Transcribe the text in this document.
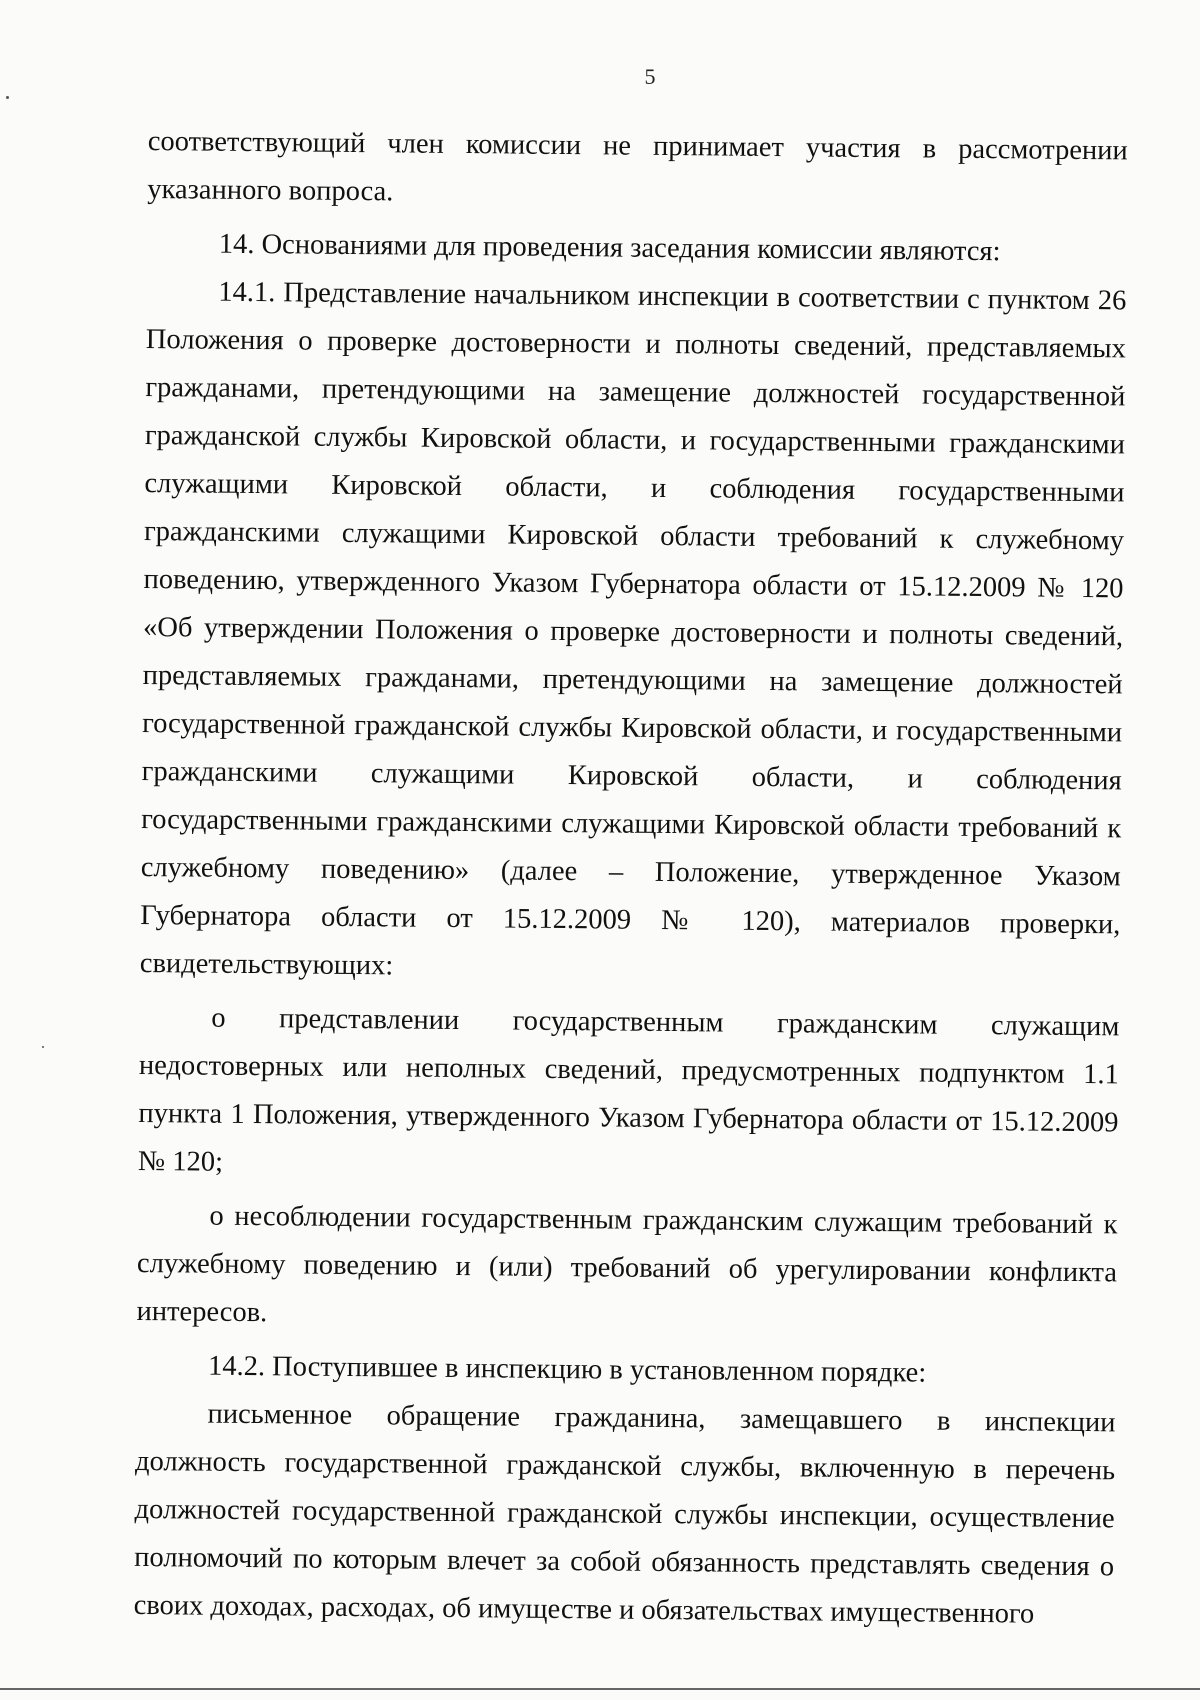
5

соответствующий член комиссии не принимает участия в рассмотрении указанного вопроса.

14. Основаниями для проведения заседания комиссии являются:

14.1. Представление начальником инспекции в соответствии с пунктом 26 Положения о проверке достоверности и полноты сведений, представляемых гражданами, претендующими на замещение должностей государственной гражданской службы Кировской области, и государственными гражданскими служащими Кировской области, и соблюдения государственными гражданскими служащими Кировской области требований к служебному поведению, утвержденного Указом Губернатора области от 15.12.2009 № 120 «Об утверждении Положения о проверке достоверности и полноты сведений, представляемых гражданами, претендующими на замещение должностей государственной гражданской службы Кировской области, и государственными гражданскими служащими Кировской области, и соблюдения государственными гражданскими служащими Кировской области требований к служебному поведению» (далее – Положение, утвержденное Указом Губернатора области от 15.12.2009 № 120), материалов проверки, свидетельствующих:

о представлении государственным гражданским служащим недостоверных или неполных сведений, предусмотренных подпунктом 1.1 пункта 1 Положения, утвержденного Указом Губернатора области от 15.12.2009 № 120;

о несоблюдении государственным гражданским служащим требований к служебному поведению и (или) требований об урегулировании конфликта интересов.

14.2. Поступившее в инспекцию в установленном порядке:

письменное обращение гражданина, замещавшего в инспекции должность государственной гражданской службы, включенную в перечень должностей государственной гражданской службы инспекции, осуществление полномочий по которым влечет за собой обязанность представлять сведения о своих доходах, расходах, об имуществе и обязательствах имущественного
